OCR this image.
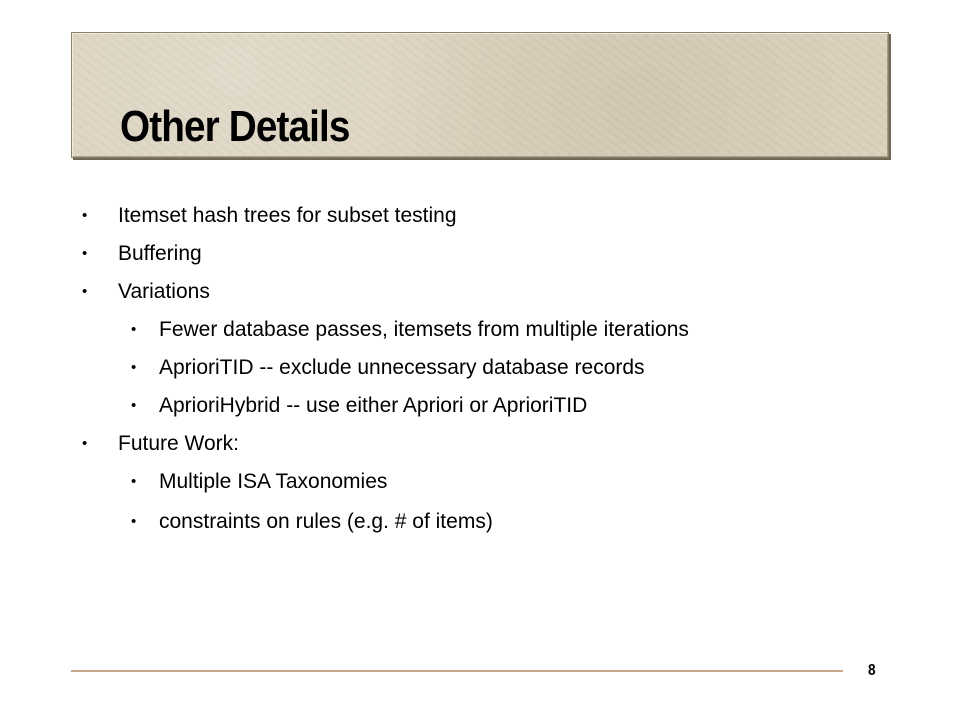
Other Details
• Itemset hash trees for subset testing
• Buffering
• Variations
• Fewer database passes, itemsets from multiple iterations
• AprioriTID -- exclude unnecessary database records
• AprioriHybrid -- use either Apriori or AprioriTID
• Future Work:
• Multiple ISA Taxonomies
• constraints on rules (e.g. # of items)
8
